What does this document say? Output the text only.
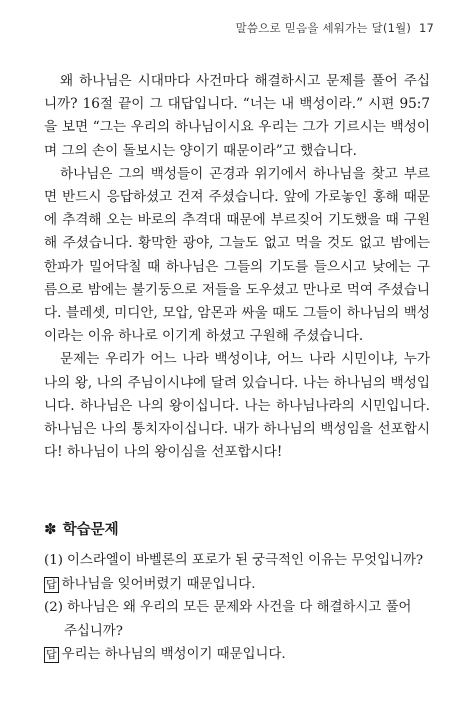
말씀으로 믿음을 세워가는 달(1월) 17

왜 하나님은 시대마다 사건마다 해결하시고 문제를 풀어 주십니까? 16절 끝이 그 대답입니다. “너는 내 백성이라.” 시편 95:7을 보면 “그는 우리의 하나님이시요 우리는 그가 기르시는 백성이며 그의 손이 돌보시는 양이기 때문이라”고 했습니다.

하나님은 그의 백성들이 곤경과 위기에서 하나님을 찾고 부르면 반드시 응답하셨고 건져 주셨습니다. 앞에 가로놓인 홍해 때문에 추격해 오는 바로의 추격대 때문에 부르짖어 기도했을 때 구원해 주셨습니다. 황막한 광야, 그늘도 없고 먹을 것도 없고 밤에는 한파가 밀어닥칠 때 하나님은 그들의 기도를 들으시고 낮에는 구름으로 밤에는 불기둥으로 저들을 도우셨고 만나로 먹여 주셨습니다. 블레셋, 미디안, 모압, 암몬과 싸울 때도 그들이 하나님의 백성이라는 이유 하나로 이기게 하셨고 구원해 주셨습니다.

문제는 우리가 어느 나라 백성이냐, 어느 나라 시민이냐, 누가 나의 왕, 나의 주님이시냐에 달려 있습니다. 나는 하나님의 백성입니다. 하나님은 나의 왕이십니다. 나는 하나님나라의 시민입니다. 하나님은 나의 통치자이십니다. 내가 하나님의 백성임을 선포합시다! 하나님이 나의 왕이심을 선포합시다!

✽ 학습문제
(1) 이스라엘이 바벨론의 포로가 된 궁극적인 이유는 무엇입니까?
답 하나님을 잊어버렸기 때문입니다.
(2) 하나님은 왜 우리의 모든 문제와 사건을 다 해결하시고 풀어
주십니까?
답 우리는 하나님의 백성이기 때문입니다.
